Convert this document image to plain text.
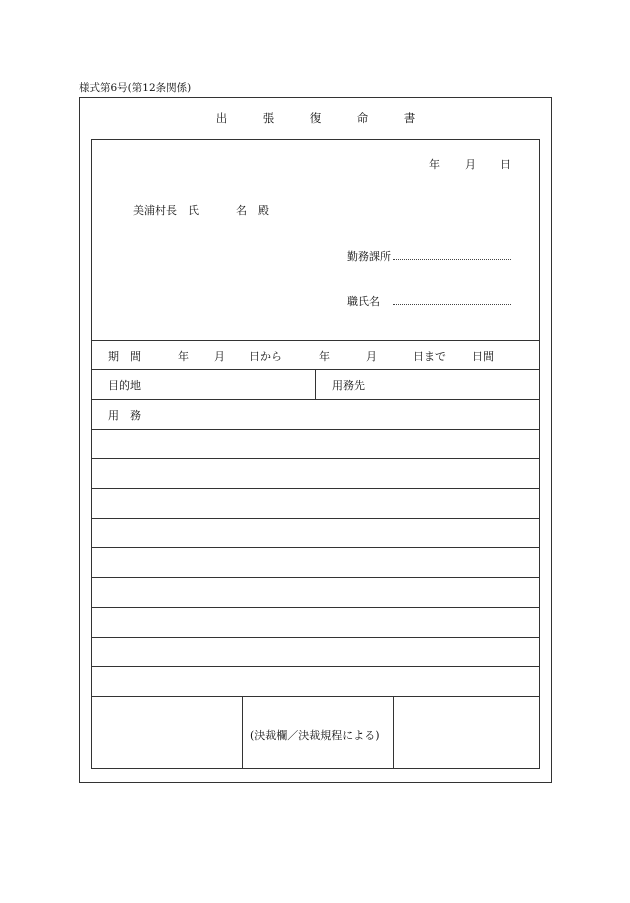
様式第6号(第12条関係)
出	張	復	命	書
年 月 日
美浦村長　氏	名　殿
勤務課所
職氏名
期　間	年 月 日から	年	月	日まで 日間
目的地	用務先
用　務
(決裁欄／決裁規程による)
